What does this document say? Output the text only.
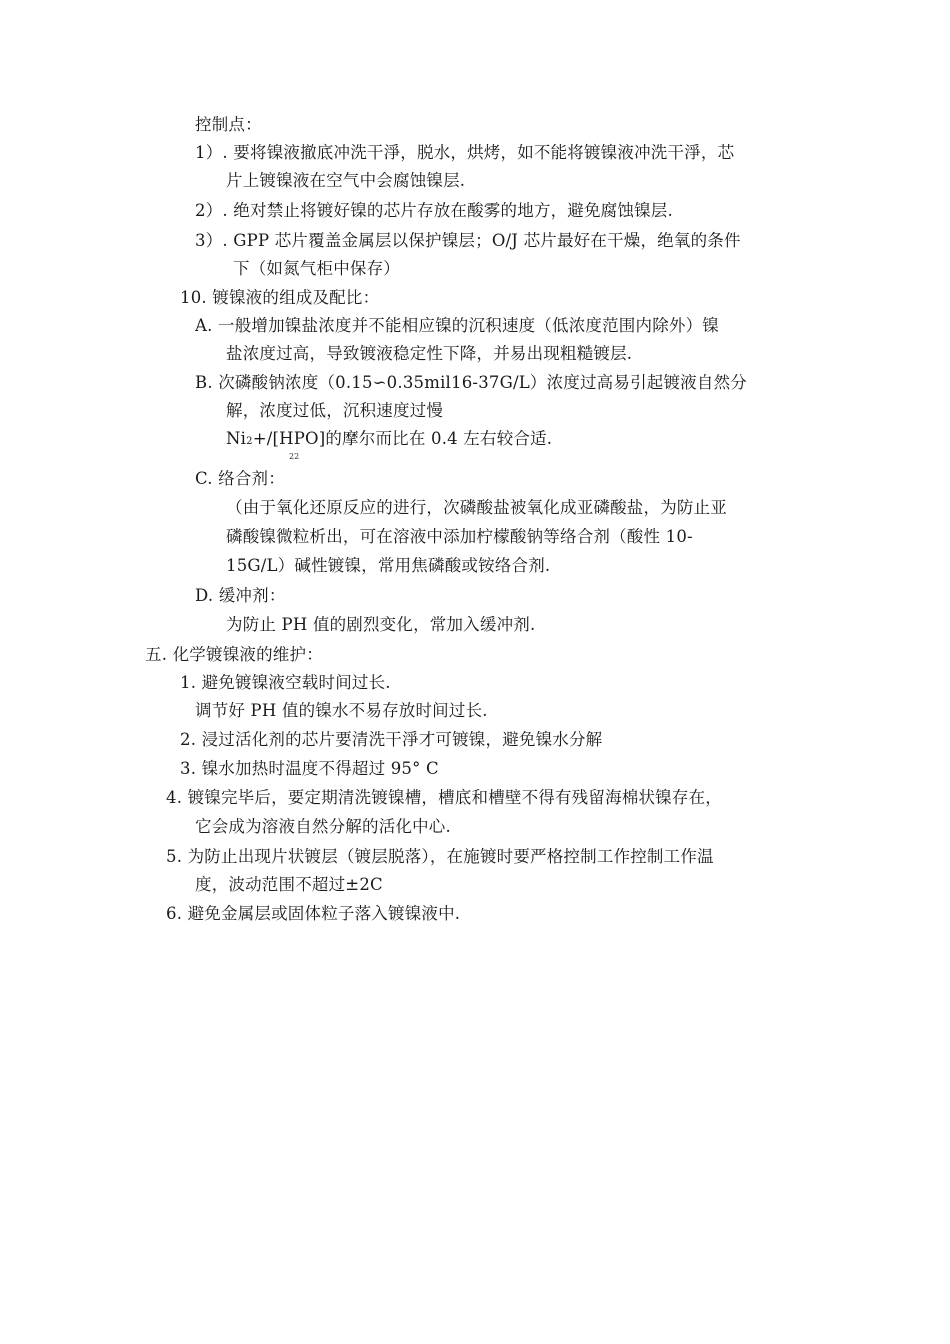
控制点：
1）. 要将镍液撤底冲洗干淨，脱水，烘烤，如不能将镀镍液冲洗干淨，芯
片上镀镍液在空气中会腐蚀镍层.
2）. 绝对禁止将镀好镍的芯片存放在酸雾的地方，避免腐蚀镍层.
3）. GPP 芯片覆盖金属层以保护镍层；O/J 芯片最好在干燥，绝氧的条件
下（如氮气柜中保存）
10. 镀镍液的组成及配比：
A. 一般增加镍盐浓度并不能相应镍的沉积速度（低浓度范围内除外）镍
盐浓度过高，导致镀液稳定性下降，并易出现粗糙镀层.
B. 次磷酸钠浓度（0.15∽0.35mil16-37G/L）浓度过高易引起镀液自然分
解，浓度过低，沉积速度过慢
Ni2+/[HPO]的摩尔而比在 0.4 左右较合适.
22
C. 络合剂：
（由于氧化还原反应的进行，次磷酸盐被氧化成亚磷酸盐，为防止亚
磷酸镍微粒析出，可在溶液中添加柠檬酸钠等络合剂（酸性 10-
15G/L）碱性镀镍，常用焦磷酸或铵络合剂.
D. 缓冲剂：
为防止 PH 值的剧烈变化，常加入缓冲剂.
五. 化学镀镍液的维护：
1. 避免镀镍液空载时间过长.
调节好 PH 值的镍水不易存放时间过长.
2. 浸过活化剂的芯片要清洗干淨才可镀镍，避免镍水分解
3. 镍水加热时温度不得超过 95° C
4. 镀镍完毕后，要定期清洗镀镍槽，槽底和槽壁不得有残留海棉状镍存在，
它会成为溶液自然分解的活化中心.
5. 为防止出现片状镀层（镀层脱落），在施镀时要严格控制工作控制工作温
度，波动范围不超过±2C
6. 避免金属层或固体粒子落入镀镍液中.
